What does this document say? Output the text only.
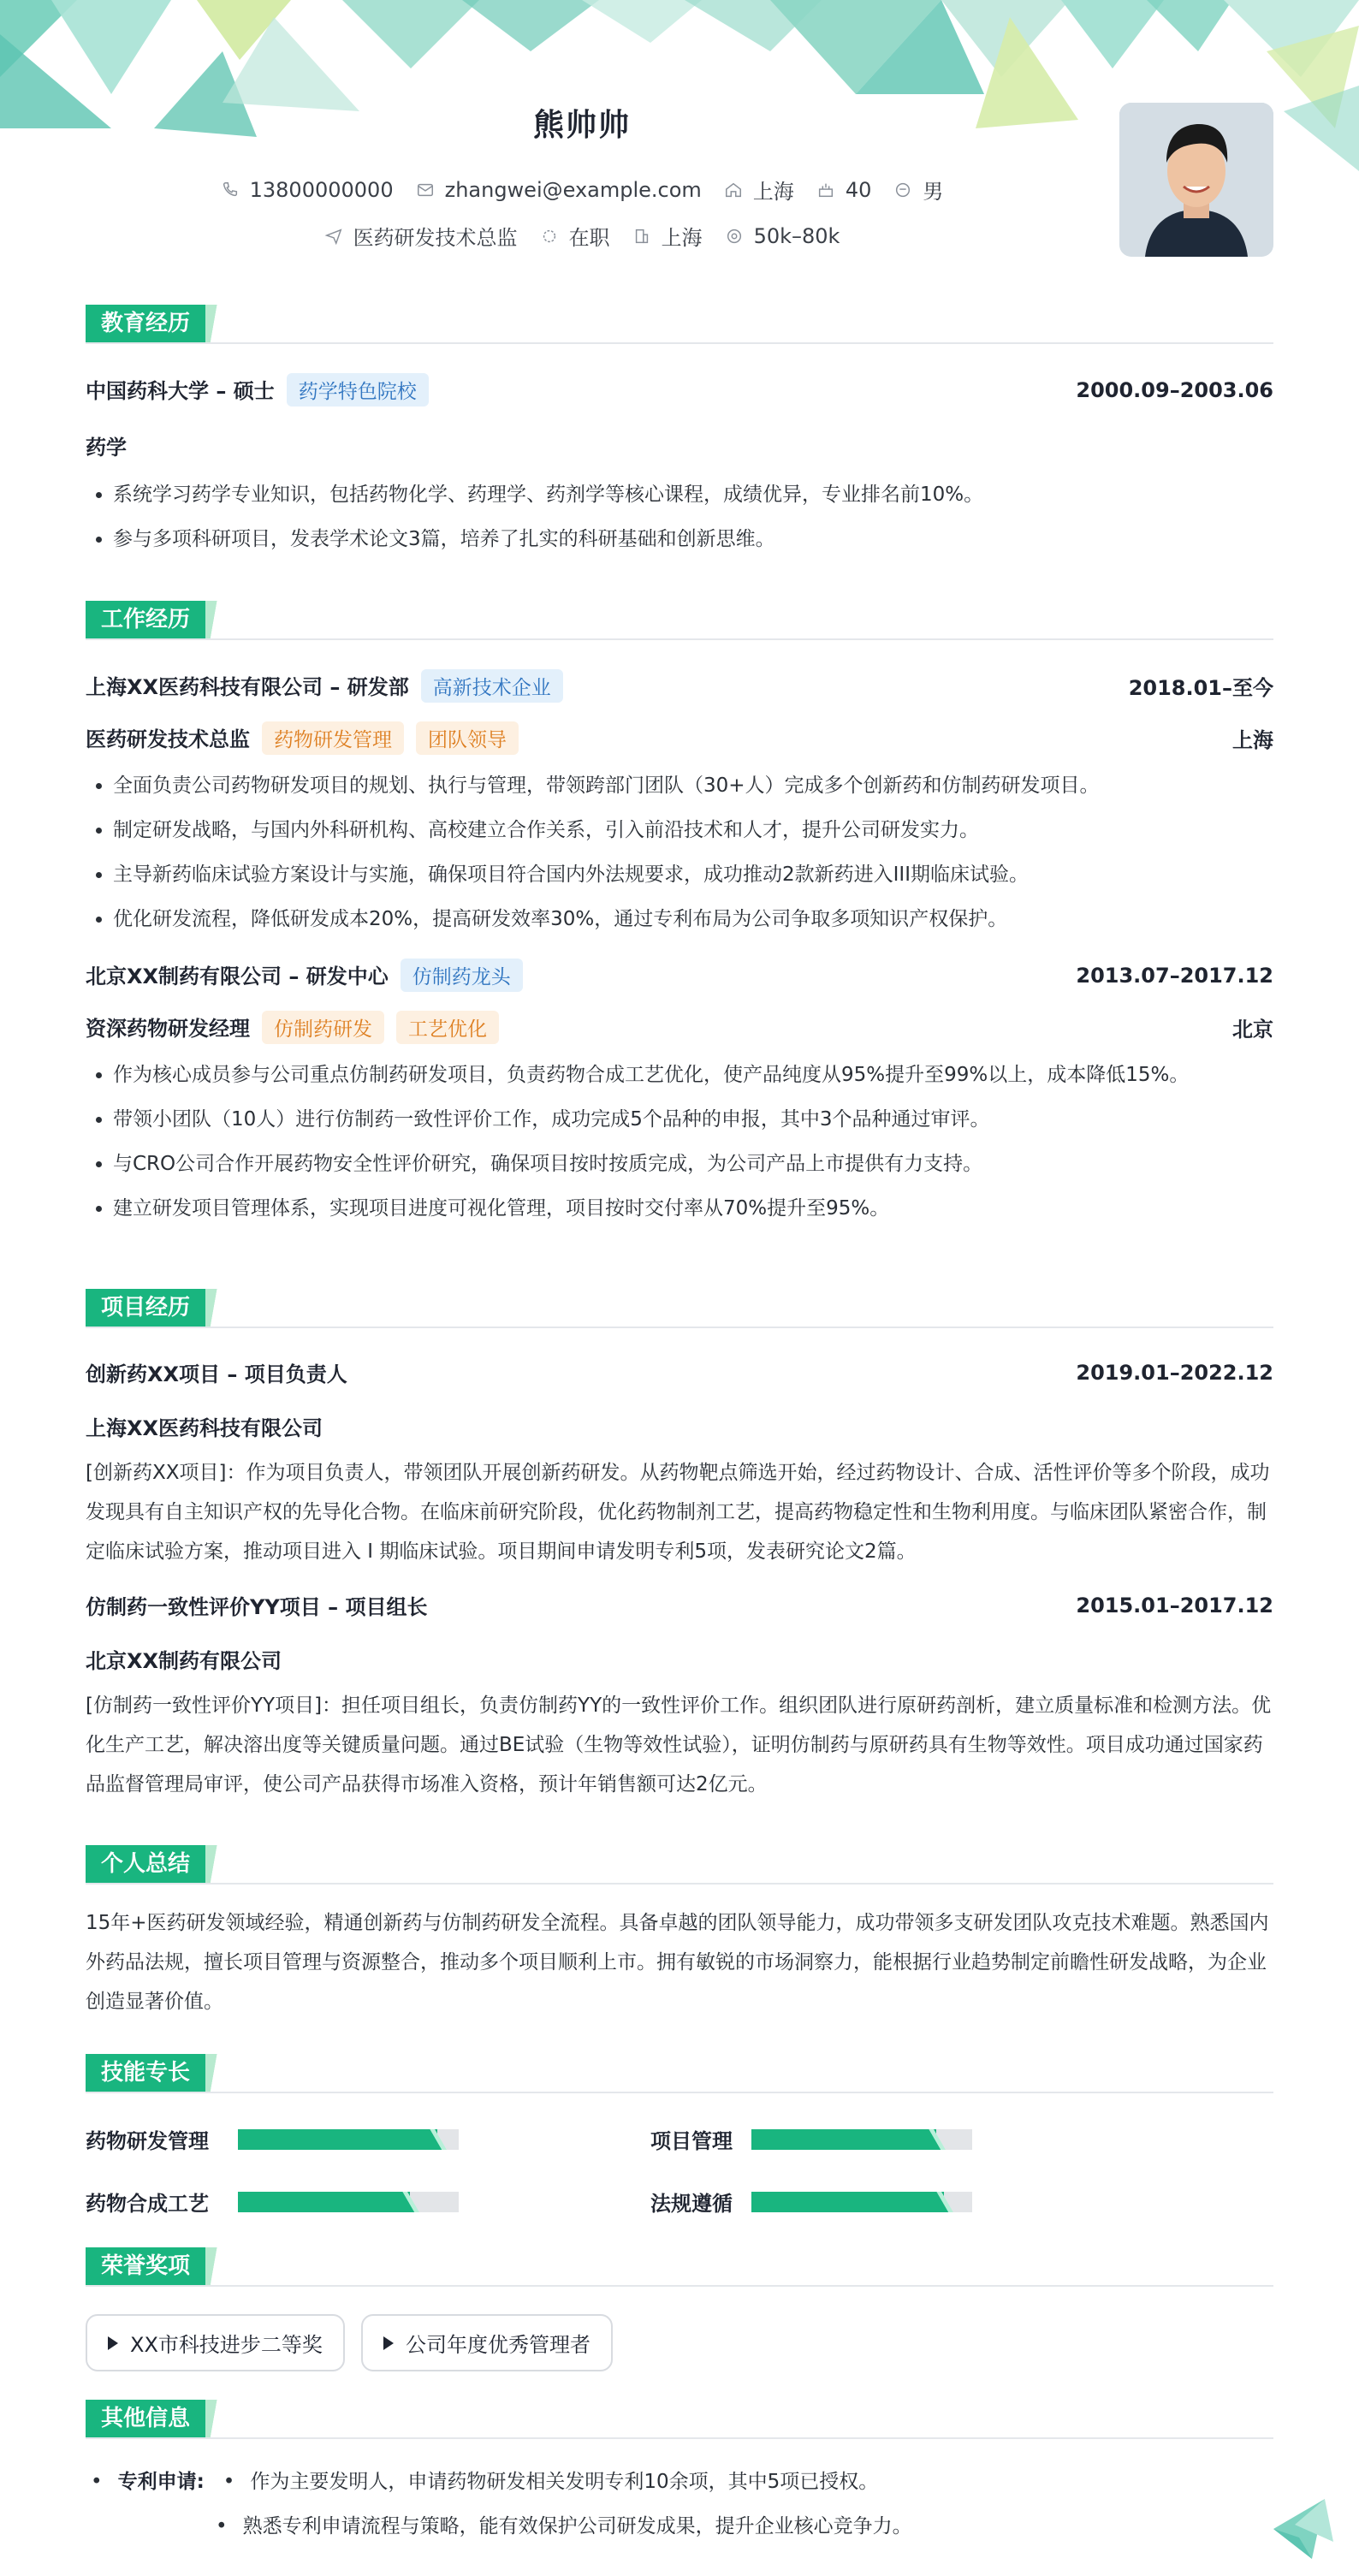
熊帅帅
13800000000	zhangwei@example.com	上海	40	男
医药研发技术总监	在职	上海	50k–80k
教育经历
中国药科大学 – 硕士 药学特色院校	2000.09–2003.06
药学
• 系统学习药学专业知识，包括药物化学、药理学、药剂学等核心课程，成绩优异，专业排名前10%。
• 参与多项科研项目，发表学术论文3篇，培养了扎实的科研基础和创新思维。
工作经历
上海XX医药科技有限公司 – 研发部 高新技术企业	2018.01–至今
医药研发技术总监 药物研发管理 团队领导	上海
• 全面负责公司药物研发项目的规划、执行与管理，带领跨部门团队（30+人）完成多个创新药和仿制药研发项目。
• 制定研发战略，与国内外科研机构、高校建立合作关系，引入前沿技术和人才，提升公司研发实力。
• 主导新药临床试验方案设计与实施，确保项目符合国内外法规要求，成功推动2款新药进入III期临床试验。
• 优化研发流程，降低研发成本20%，提高研发效率30%，通过专利布局为公司争取多项知识产权保护。
北京XX制药有限公司 – 研发中心 仿制药龙头	2013.07–2017.12
资深药物研发经理 仿制药研发 工艺优化	北京
• 作为核心成员参与公司重点仿制药研发项目，负责药物合成工艺优化，使产品纯度从95%提升至99%以上，成本降低15%。
• 带领小团队（10人）进行仿制药一致性评价工作，成功完成5个品种的申报，其中3个品种通过审评。
• 与CRO公司合作开展药物安全性评价研究，确保项目按时按质完成，为公司产品上市提供有力支持。
• 建立研发项目管理体系，实现项目进度可视化管理，项目按时交付率从70%提升至95%。
项目经历
创新药XX项目 – 项目负责人	2019.01–2022.12
上海XX医药科技有限公司
[创新药XX项目]：作为项目负责人，带领团队开展创新药研发。从药物靶点筛选开始，经过药物设计、合成、活性评价等多个阶段，成功发现具有自主知识产权的先导化合物。在临床前研究阶段，优化药物制剂工艺，提高药物稳定性和生物利用度。与临床团队紧密合作，制定临床试验方案，推动项目进入 I 期临床试验。项目期间申请发明专利5项，发表研究论文2篇。
仿制药一致性评价YY项目 – 项目组长	2015.01–2017.12
北京XX制药有限公司
[仿制药一致性评价YY项目]：担任项目组长，负责仿制药YY的一致性评价工作。组织团队进行原研药剖析，建立质量标准和检测方法。优化生产工艺，解决溶出度等关键质量问题。通过BE试验（生物等效性试验），证明仿制药与原研药具有生物等效性。项目成功通过国家药品监督管理局审评，使公司产品获得市场准入资格，预计年销售额可达2亿元。
个人总结
15年+医药研发领域经验，精通创新药与仿制药研发全流程。具备卓越的团队领导能力，成功带领多支研发团队攻克技术难题。熟悉国内外药品法规，擅长项目管理与资源整合，推动多个项目顺利上市。拥有敏锐的市场洞察力，能根据行业趋势制定前瞻性研发战略，为企业创造显著价值。
技能专长
药物研发管理	项目管理
药物合成工艺	法规遵循
荣誉奖项
XX市科技进步二等奖
	公司年度优秀管理者
其他信息
• 专利申请: • 作为主要发明人，申请药物研发相关发明专利10余项，其中5项已授权。
• 熟悉专利申请流程与策略，能有效保护公司研发成果，提升企业核心竞争力。
